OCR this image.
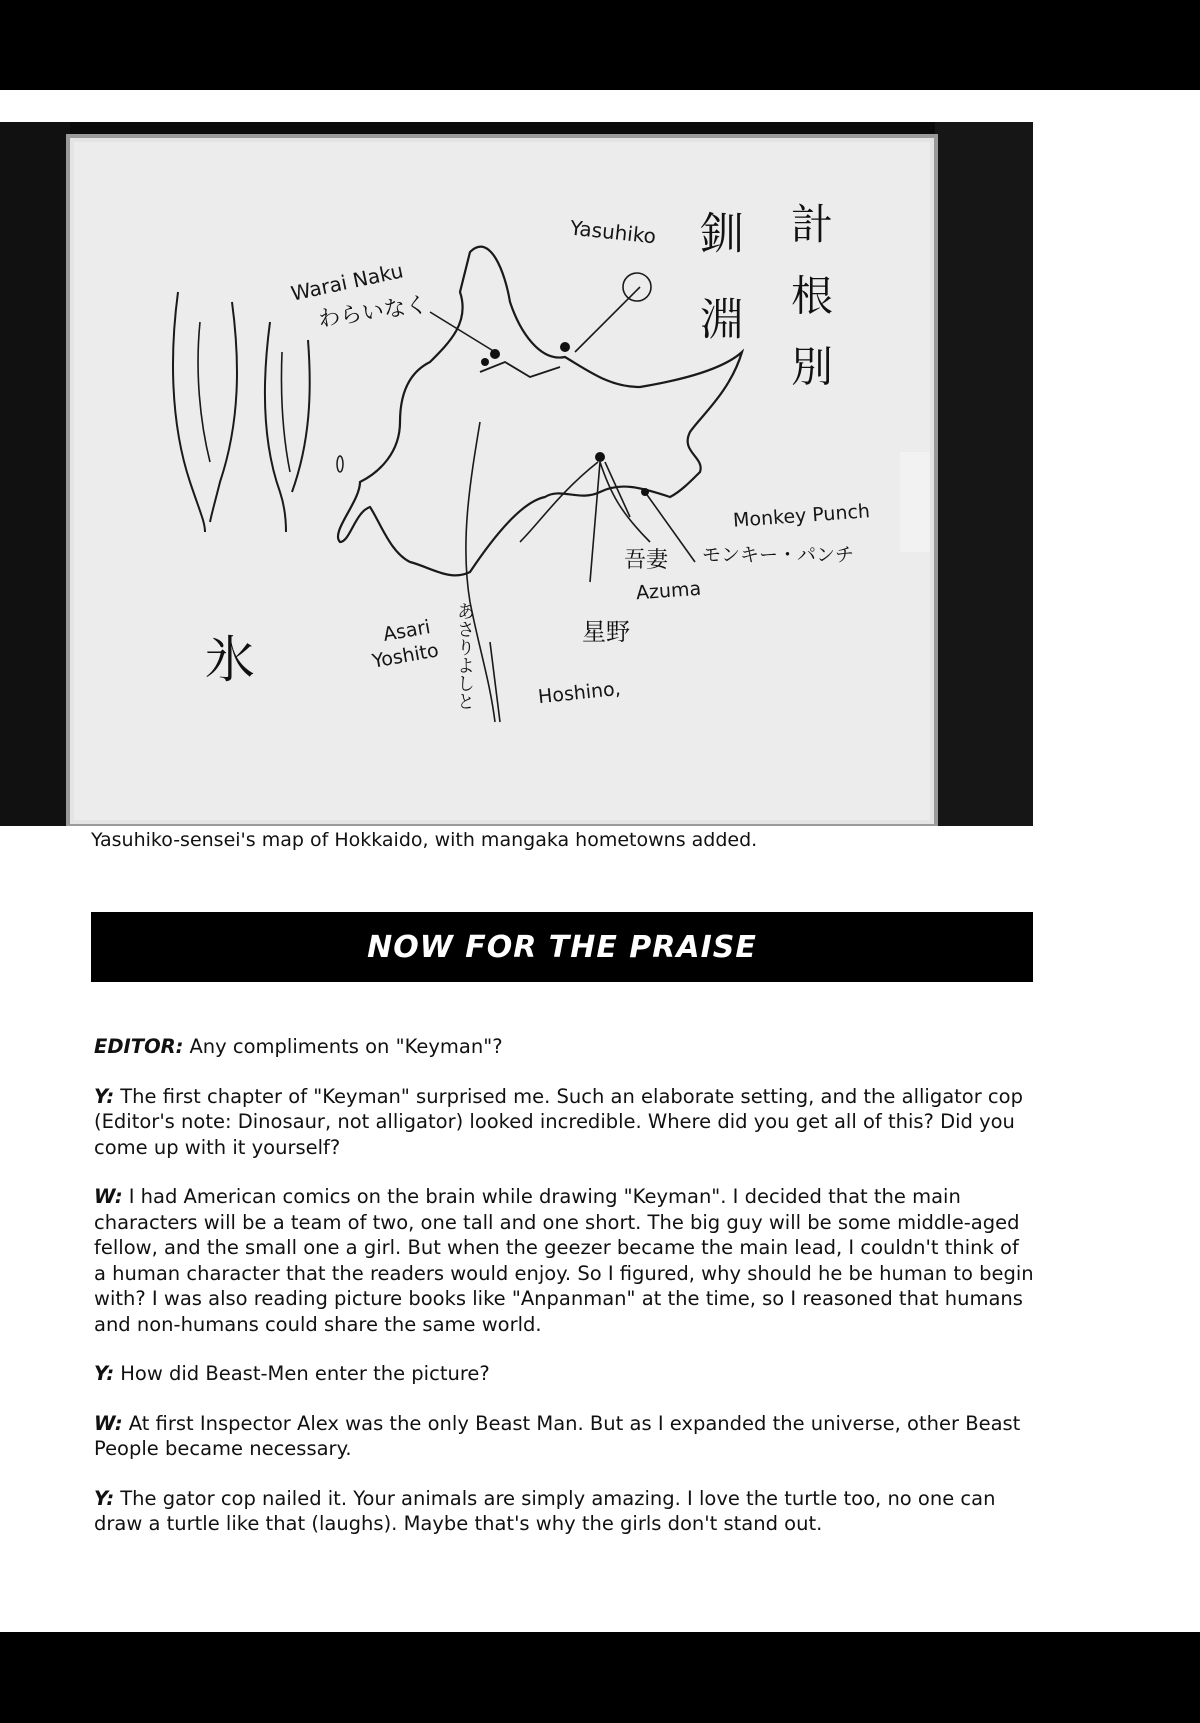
Warai Naku
わらいなく
Yasuhiko 釧 淵 計 根 別
Monkey Punch
モンキー・パンチ
吾妻
Azuma
Asari
Yoshito あさりよしと	星野
Hoshino,
氷
Yasuhiko-sensei's map of Hokkaido, with mangaka hometowns added.
NOW FOR THE PRAISE

EDITOR: Any compliments on "Keyman"?

Y: The first chapter of "Keyman" surprised me. Such an elaborate setting, and the alligator cop (Editor's note: Dinosaur, not alligator) looked incredible. Where did you get all of this? Did you come up with it yourself?

W: I had American comics on the brain while drawing "Keyman". I decided that the main characters will be a team of two, one tall and one short. The big guy will be some middle-aged fellow, and the small one a girl. But when the geezer became the main lead, I couldn't think of a human character that the readers would enjoy. So I figured, why should he be human to begin with? I was also reading picture books like "Anpanman" at the time, so I reasoned that humans and non-humans could share the same world.

Y: How did Beast-Men enter the picture?

W: At first Inspector Alex was the only Beast Man. But as I expanded the universe, other Beast People became necessary.

Y: The gator cop nailed it. Your animals are simply amazing. I love the turtle too, no one can draw a turtle like that (laughs). Maybe that's why the girls don't stand out.
